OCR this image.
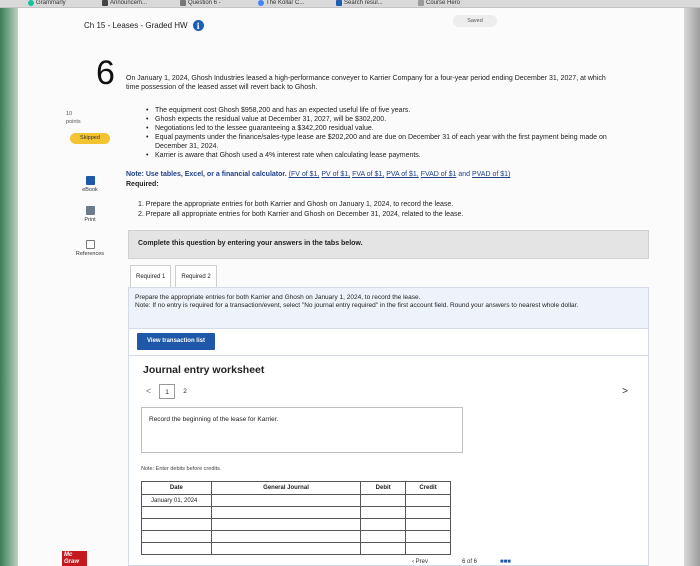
Grammarly	Announcem...	Question 6 -	The Kollar C...	Search resul...	Course Hero
Ch 15 - Leases - Graded HW	i	Saved
6
10
points
Skipped
eBook
Print
References
On January 1, 2024, Ghosh Industries leased a high-performance conveyer to Karrier Company for a four-year period ending December 31, 2027, at which time possession of the leased asset will revert back to Ghosh.
• The equipment cost Ghosh $958,200 and has an expected useful life of five years.
• Ghosh expects the residual value at December 31, 2027, will be $302,200.
• Negotiations led to the lessee guaranteeing a $342,200 residual value.
• Equal payments under the finance/sales-type lease are $202,200 and are due on December 31 of each year with the first payment being made on December 31, 2024.
• Karrier is aware that Ghosh used a 4% interest rate when calculating lease payments.
Note: Use tables, Excel, or a financial calculator. (FV of $1, PV of $1, FVA of $1, PVA of $1, FVAD of $1 and PVAD of $1)
Required:
1. Prepare the appropriate entries for both Karrier and Ghosh on January 1, 2024, to record the lease.
2. Prepare all appropriate entries for both Karrier and Ghosh on December 31, 2024, related to the lease.
Complete this question by entering your answers in the tabs below.
Required 1	Required 2
Prepare the appropriate entries for both Karrier and Ghosh on January 1, 2024, to record the lease.
Note: If no entry is required for a transaction/event, select "No journal entry required" in the first account field. Round your answers to nearest whole dollar.
View transaction list
Journal entry worksheet
<	1	2	>
Record the beginning of the lease for Karrier.
Note: Enter debits before credits.
Date	General Journal	Debit	Credit
January 01, 2024			

Mc Graw	‹ Prev	6 of 6	■■■
